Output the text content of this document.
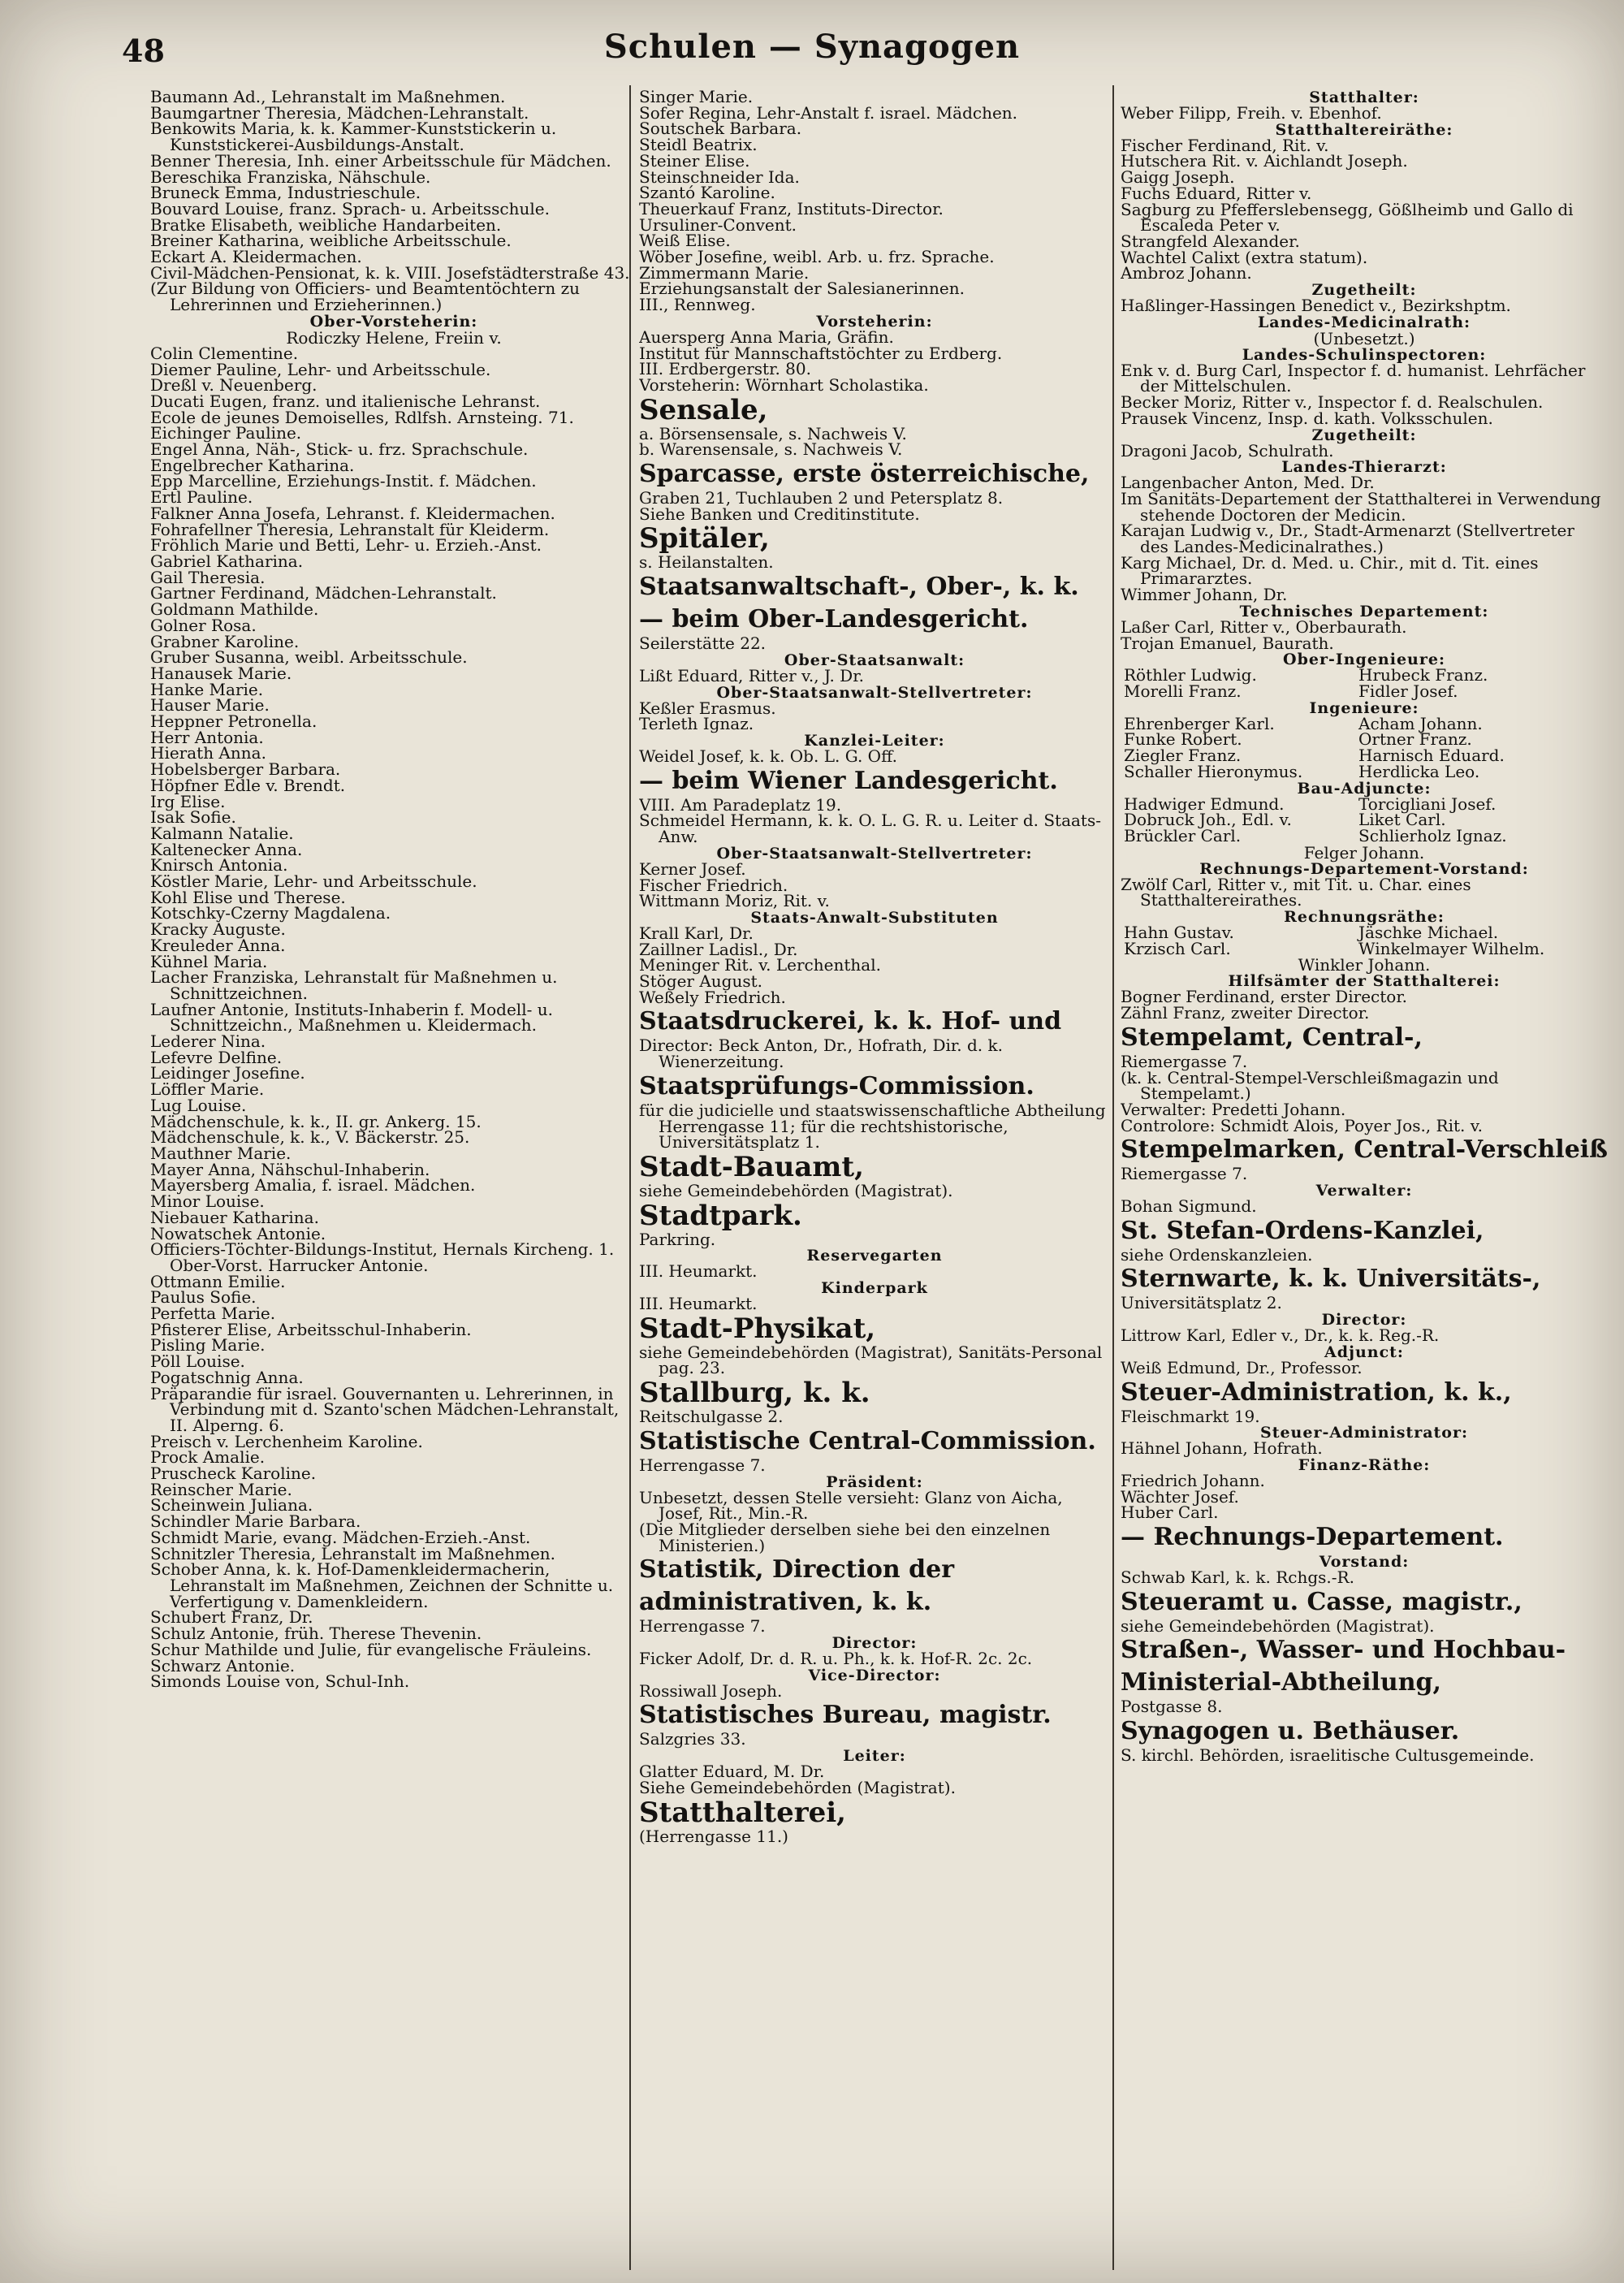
48	Schulen — Synagogen
Baumann Ad., Lehranstalt im Maßnehmen.
Baumgartner Theresia, Mädchen-Lehranstalt.
Benkowits Maria, k. k. Kammer-Kunststickerin u. Kunststickerei-Ausbildungs-Anstalt.
Benner Theresia, Inh. einer Arbeitsschule für Mädchen.
Bereschika Franziska, Nähschule.
Bruneck Emma, Industrieschule.
Bouvard Louise, franz. Sprach- u. Arbeitsschule.
Bratke Elisabeth, weibliche Handarbeiten.
Breiner Katharina, weibliche Arbeitsschule.
Eckart A. Kleidermachen.
Civil-Mädchen-Pensionat, k. k. VIII. Josefstädterstraße 43.
(Zur Bildung von Officiers- und Beamtentöchtern zu Lehrerinnen und Erzieherinnen.)
Ober-Vorsteherin:
Rodiczky Helene, Freiin v.
Colin Clementine.
Diemer Pauline, Lehr- und Arbeitsschule.
Dreßl v. Neuenberg.
Ducati Eugen, franz. und italienische Lehranst.
Ecole de jeunes Demoiselles, Rdlfsh. Arnsteing. 71.
Eichinger Pauline.
Engel Anna, Näh-, Stick- u. frz. Sprachschule.
Engelbrecher Katharina.
Epp Marcelline, Erziehungs-Instit. f. Mädchen.
Ertl Pauline.
Falkner Anna Josefa, Lehranst. f. Kleidermachen.
Fohrafellner Theresia, Lehranstalt für Kleiderm.
Fröhlich Marie und Betti, Lehr- u. Erzieh.-Anst.
Gabriel Katharina.
Gail Theresia.
Gartner Ferdinand, Mädchen-Lehranstalt.
Goldmann Mathilde.
Golner Rosa.
Grabner Karoline.
Gruber Susanna, weibl. Arbeitsschule.
Hanausek Marie.
Hanke Marie.
Hauser Marie.
Heppner Petronella.
Herr Antonia.
Hierath Anna.
Hobelsberger Barbara.
Höpfner Edle v. Brendt.
Irg Elise.
Isak Sofie.
Kalmann Natalie.
Kaltenecker Anna.
Knirsch Antonia.
Köstler Marie, Lehr- und Arbeitsschule.
Kohl Elise und Therese.
Kotschky-Czerny Magdalena.
Kracky Auguste.
Kreuleder Anna.
Kühnel Maria.
Lacher Franziska, Lehranstalt für Maßnehmen u. Schnittzeichnen.
Laufner Antonie, Instituts-Inhaberin f. Modell- u. Schnittzeichn., Maßnehmen u. Kleidermach.
Lederer Nina.
Lefevre Delfine.
Leidinger Josefine.
Löffler Marie.
Lug Louise.
Mädchenschule, k. k., II. gr. Ankerg. 15.
Mädchenschule, k. k., V. Bäckerstr. 25.
Mauthner Marie.
Mayer Anna, Nähschul-Inhaberin.
Mayersberg Amalia, f. israel. Mädchen.
Minor Louise.
Niebauer Katharina.
Nowatschek Antonie.
Officiers-Töchter-Bildungs-Institut, Hernals Kircheng. 1. Ober-Vorst. Harrucker Antonie.
Ottmann Emilie.
Paulus Sofie.
Perfetta Marie.
Pfisterer Elise, Arbeitsschul-Inhaberin.
Pisling Marie.
Pöll Louise.
Pogatschnig Anna.
Präparandie für israel. Gouvernanten u. Lehrerinnen, in Verbindung mit d. Szanto'schen Mädchen-Lehranstalt, II. Alperng. 6.
Preisch v. Lerchenheim Karoline.
Prock Amalie.
Pruscheck Karoline.
Reinscher Marie.
Scheinwein Juliana.
Schindler Marie Barbara.
Schmidt Marie, evang. Mädchen-Erzieh.-Anst.
Schnitzler Theresia, Lehranstalt im Maßnehmen.
Schober Anna, k. k. Hof-Damenkleidermacherin, Lehranstalt im Maßnehmen, Zeichnen der Schnitte u. Verfertigung v. Damenkleidern.
Schubert Franz, Dr.
Schulz Antonie, früh. Therese Thevenin.
Schur Mathilde und Julie, für evangelische Fräuleins.
Schwarz Antonie.
Simonds Louise von, Schul-Inh.
Singer Marie.
Sofer Regina, Lehr-Anstalt f. israel. Mädchen.
Soutschek Barbara.
Steidl Beatrix.
Steiner Elise.
Steinschneider Ida.
Szantó Karoline.
Theuerkauf Franz, Instituts-Director.
Ursuliner-Convent.
Weiß Elise.
Wöber Josefine, weibl. Arb. u. frz. Sprache.
Zimmermann Marie.
Erziehungsanstalt der Salesianerinnen.
III., Rennweg.
Vorsteherin:
Auersperg Anna Maria, Gräfin.
Institut für Mannschaftstöchter zu Erdberg.
III. Erdbergerstr. 80.
Vorsteherin: Wörnhart Scholastika.
Sensale,
a. Börsensensale, s. Nachweis V.
b. Warensensale, s. Nachweis V.
Sparcasse, erste österreichische,
Graben 21, Tuchlauben 2 und Petersplatz 8.
Siehe Banken und Creditinstitute.
Spitäler,
s. Heilanstalten.
Staatsanwaltschaft-, Ober-, k. k.
— beim Ober-Landesgericht.
Seilerstätte 22.
Ober-Staatsanwalt:
Lißt Eduard, Ritter v., J. Dr.
Ober-Staatsanwalt-Stellvertreter:
Keßler Erasmus.
Terleth Ignaz.
Kanzlei-Leiter:
Weidel Josef, k. k. Ob. L. G. Off.
— beim Wiener Landesgericht.
VIII. Am Paradeplatz 19.
Schmeidel Hermann, k. k. O. L. G. R. u. Leiter d. Staats-Anw.
Ober-Staatsanwalt-Stellvertreter:
Kerner Josef.
Fischer Friedrich.
Wittmann Moriz, Rit. v.
Staats-Anwalt-Substituten
Krall Karl, Dr.
Zaillner Ladisl., Dr.
Meninger Rit. v. Lerchenthal.
Stöger August.
Weßely Friedrich.
Staatsdruckerei, k. k. Hof- und
Director: Beck Anton, Dr., Hofrath, Dir. d. k. Wienerzeitung.
Staatsprüfungs-Commission.
für die judicielle und staatswissenschaftliche Abtheilung Herrengasse 11; für die rechtshistorische, Universitätsplatz 1.
Stadt-Bauamt,
siehe Gemeindebehörden (Magistrat).
Stadtpark.
Parkring.
Reservegarten
III. Heumarkt.
Kinderpark
III. Heumarkt.
Stadt-Physikat,
siehe Gemeindebehörden (Magistrat), Sanitäts-Personal pag. 23.
Stallburg, k. k.
Reitschulgasse 2.
Statistische Central-Commission.
Herrengasse 7.
Präsident:
Unbesetzt, dessen Stelle versieht: Glanz von Aicha, Josef, Rit., Min.-R.
(Die Mitglieder derselben siehe bei den einzelnen Ministerien.)
Statistik, Direction der administrativen, k. k.
Herrengasse 7.
Director:
Ficker Adolf, Dr. d. R. u. Ph., k. k. Hof-R. 2c. 2c.
Vice-Director:
Rossiwall Joseph.
Statistisches Bureau, magistr.
Salzgries 33.
Leiter:
Glatter Eduard, M. Dr.
Siehe Gemeindebehörden (Magistrat).
Statthalterei,
(Herrengasse 11.)
Statthalter:
Weber Filipp, Freih. v. Ebenhof.
Statthaltereiräthe:
Fischer Ferdinand, Rit. v.
Hutschera Rit. v. Aichlandt Joseph.
Gaigg Joseph.
Fuchs Eduard, Ritter v.
Sagburg zu Pfefferslebensegg, Gößlheimb und Gallo di Escaleda Peter v.
Strangfeld Alexander.
Wachtel Calixt (extra statum).
Ambroz Johann.
Zugetheilt:
Haßlinger-Hassingen Benedict v., Bezirkshptm.
Landes-Medicinalrath:
(Unbesetzt.)
Landes-Schulinspectoren:
Enk v. d. Burg Carl, Inspector f. d. humanist. Lehrfächer der Mittelschulen.
Becker Moriz, Ritter v., Inspector f. d. Realschulen.
Prausek Vincenz, Insp. d. kath. Volksschulen.
Zugetheilt:
Dragoni Jacob, Schulrath.
Landes-Thierarzt:
Langenbacher Anton, Med. Dr.
Im Sanitäts-Departement der Statthalterei in Verwendung stehende Doctoren der Medicin.
Karajan Ludwig v., Dr., Stadt-Armenarzt (Stellvertreter des Landes-Medicinalrathes.)
Karg Michael, Dr. d. Med. u. Chir., mit d. Tit. eines Primararztes.
Wimmer Johann, Dr.
Technisches Departement:
Laßer Carl, Ritter v., Oberbaurath.
Trojan Emanuel, Baurath.
Ober-Ingenieure:
Röthler Ludwig.	Hrubeck Franz.
Morelli Franz.	Fidler Josef.
Ingenieure:
Ehrenberger Karl.	Acham Johann.
Funke Robert.	Ortner Franz.
Ziegler Franz.	Harnisch Eduard.
Schaller Hieronymus.	Herdlicka Leo.
Bau-Adjuncte:
Hadwiger Edmund.	Torcigliani Josef.
Dobruck Joh., Edl. v.	Liket Carl.
Brückler Carl.	Schlierholz Ignaz.
Felger Johann.
Rechnungs-Departement-Vorstand:
Zwölf Carl, Ritter v., mit Tit. u. Char. eines Statthaltereirathes.
Rechnungsräthe:
Hahn Gustav.	Jäschke Michael.
Krzisch Carl.	Winkelmayer Wilhelm.
Winkler Johann.
Hilfsämter der Statthalterei:
Bogner Ferdinand, erster Director.
Zähnl Franz, zweiter Director.
Stempelamt, Central-,
Riemergasse 7.
(k. k. Central-Stempel-Verschleißmagazin und Stempelamt.)
Verwalter: Predetti Johann.
Controlore: Schmidt Alois, Poyer Jos., Rit. v.
Stempelmarken, Central-Verschleiß
Riemergasse 7.
Verwalter:
Bohan Sigmund.
St. Stefan-Ordens-Kanzlei,
siehe Ordenskanzleien.
Sternwarte, k. k. Universitäts-,
Universitätsplatz 2.
Director:
Littrow Karl, Edler v., Dr., k. k. Reg.-R.
Adjunct:
Weiß Edmund, Dr., Professor.
Steuer-Administration, k. k.,
Fleischmarkt 19.
Steuer-Administrator:
Hähnel Johann, Hofrath.
Finanz-Räthe:
Friedrich Johann.
Wächter Josef.
Huber Carl.
— Rechnungs-Departement.
Vorstand:
Schwab Karl, k. k. Rchgs.-R.
Steueramt u. Casse, magistr.,
siehe Gemeindebehörden (Magistrat).
Straßen-, Wasser- und Hochbau-Ministerial-Abtheilung,
Postgasse 8.
Synagogen u. Bethäuser.
S. kirchl. Behörden, israelitische Cultusgemeinde.
